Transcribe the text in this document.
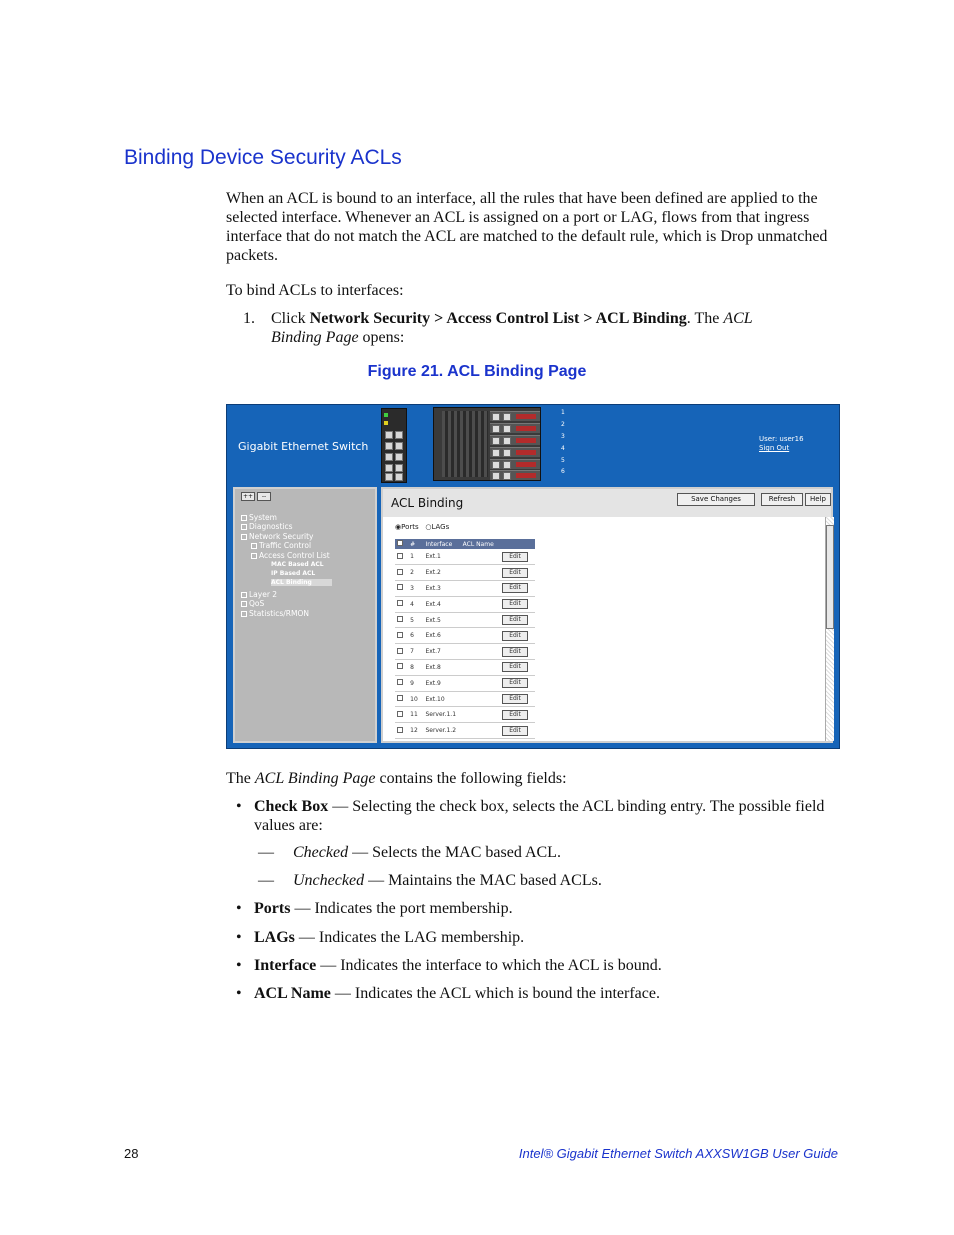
Binding Device Security ACLs

When an ACL is bound to an interface, all the rules that have been defined are applied to the selected interface. Whenever an ACL is assigned on a port or LAG, flows from that ingress interface that do not match the ACL are matched to the default rule, which is Drop unmatched packets.

To bind ACLs to interfaces:

1. Click Network Security > Access Control List > ACL Binding. The ACL Binding Page opens:
Figure 21. ACL Binding Page
Gigabit Ethernet Switch
User: user16
Sign Out
1
2
3
4
5
6
++	--
System
Diagnostics
Network Security
Traffic Control
Access Control List
MAC Based ACL
IP Based ACL
ACL Binding
Layer 2
QoS
Statistics/RMON
ACL Binding	Save Changes	Refresh	Help
◉Ports ○LAGs
	#	Interface	ACL Name	
	1	Ext.1		Edit
	2	Ext.2		Edit
	3	Ext.3		Edit
	4	Ext.4		Edit
	5	Ext.5		Edit
	6	Ext.6		Edit
	7	Ext.7		Edit
	8	Ext.8		Edit
	9	Ext.9		Edit
	10	Ext.10		Edit
	11	Server.1.1		Edit
	12	Server.1.2		Edit

The ACL Binding Page contains the following fields:

• Check Box — Selecting the check box, selects the ACL binding entry. The possible field values are:
• Ports — Indicates the port membership.
• LAGs — Indicates the LAG membership.
• Interface — Indicates the interface to which the ACL is bound.
• ACL Name — Indicates the ACL which is bound the interface.
— Checked — Selects the MAC based ACL.
— Unchecked — Maintains the MAC based ACLs.
28	Intel® Gigabit Ethernet Switch AXXSW1GB User Guide
